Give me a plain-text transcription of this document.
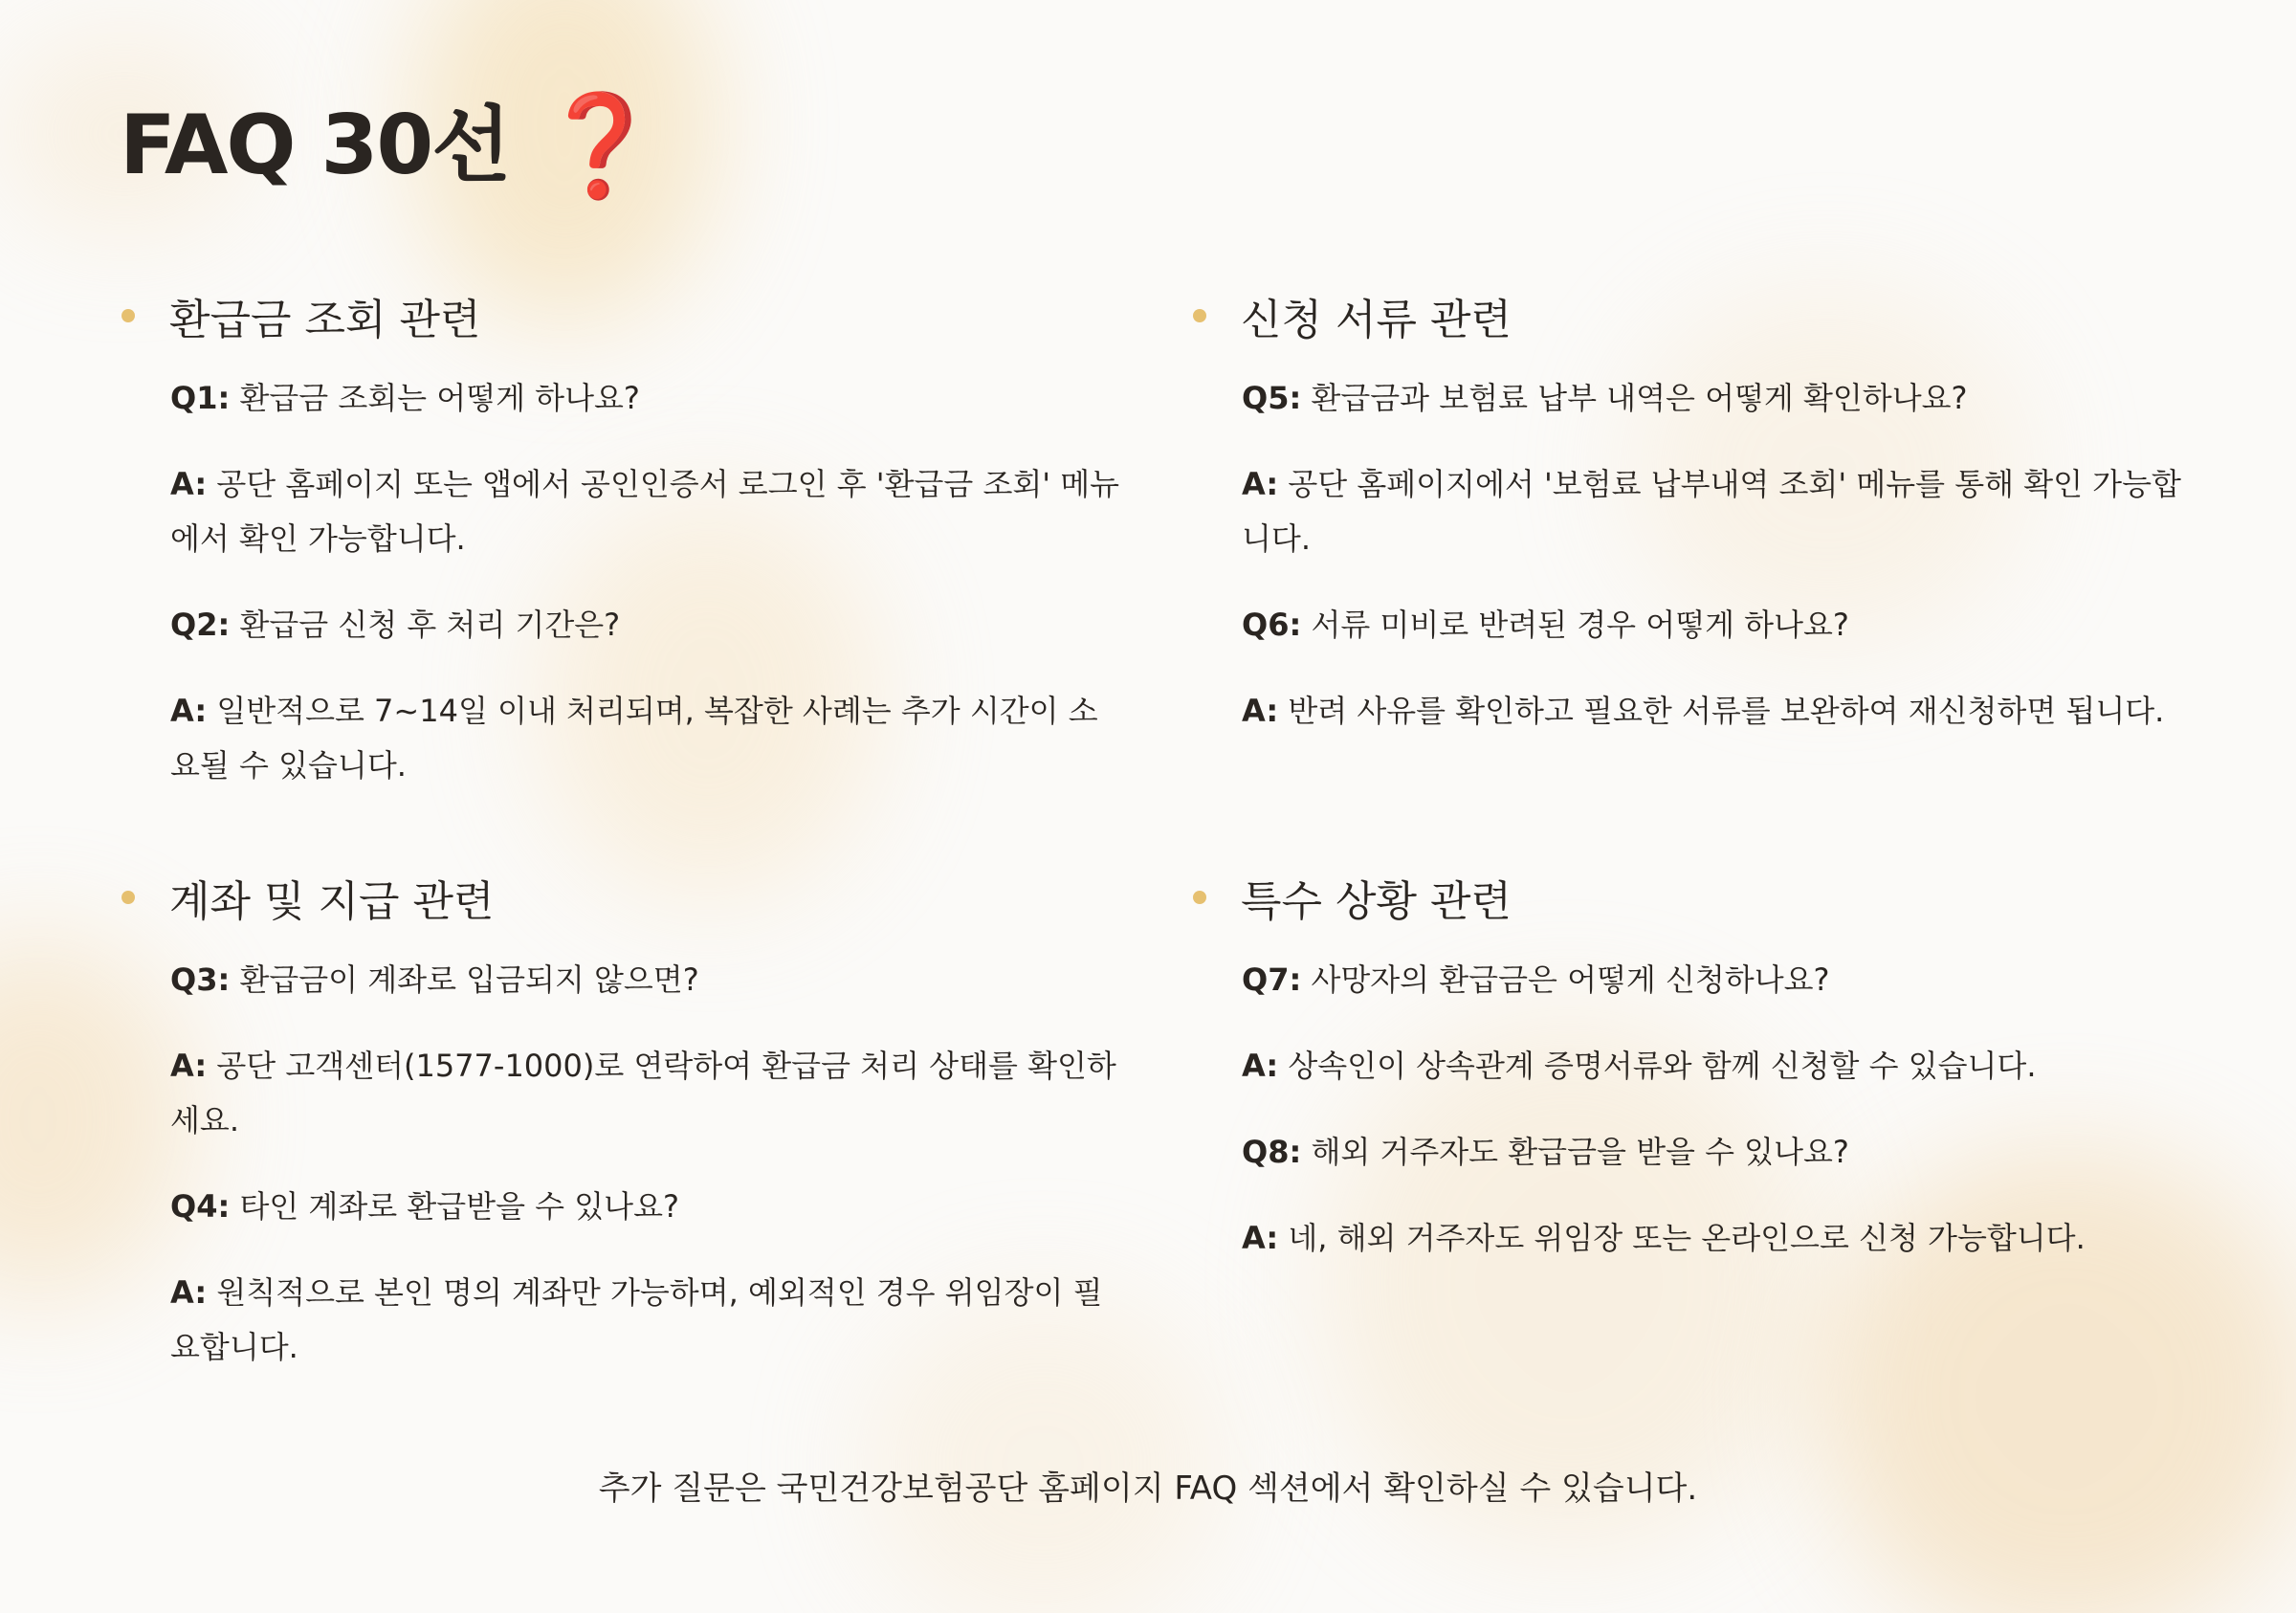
FAQ 30선 ❓
환급금 조회 관련
Q1: 환급금 조회는 어떻게 하나요?
A: 공단 홈페이지 또는 앱에서 공인인증서 로그인 후 '환급금 조회' 메뉴에서 확인 가능합니다.
Q2: 환급금 신청 후 처리 기간은?
A: 일반적으로 7~14일 이내 처리되며, 복잡한 사례는 추가 시간이 소요될 수 있습니다.
신청 서류 관련
Q5: 환급금과 보험료 납부 내역은 어떻게 확인하나요?
A: 공단 홈페이지에서 '보험료 납부내역 조회' 메뉴를 통해 확인 가능합니다.
Q6: 서류 미비로 반려된 경우 어떻게 하나요?
A: 반려 사유를 확인하고 필요한 서류를 보완하여 재신청하면 됩니다.
계좌 및 지급 관련
Q3: 환급금이 계좌로 입금되지 않으면?
A: 공단 고객센터(1577-1000)로 연락하여 환급금 처리 상태를 확인하세요.
Q4: 타인 계좌로 환급받을 수 있나요?
A: 원칙적으로 본인 명의 계좌만 가능하며, 예외적인 경우 위임장이 필요합니다.
특수 상황 관련
Q7: 사망자의 환급금은 어떻게 신청하나요?
A: 상속인이 상속관계 증명서류와 함께 신청할 수 있습니다.
Q8: 해외 거주자도 환급금을 받을 수 있나요?
A: 네, 해외 거주자도 위임장 또는 온라인으로 신청 가능합니다.

추가 질문은 국민건강보험공단 홈페이지 FAQ 섹션에서 확인하실 수 있습니다.
